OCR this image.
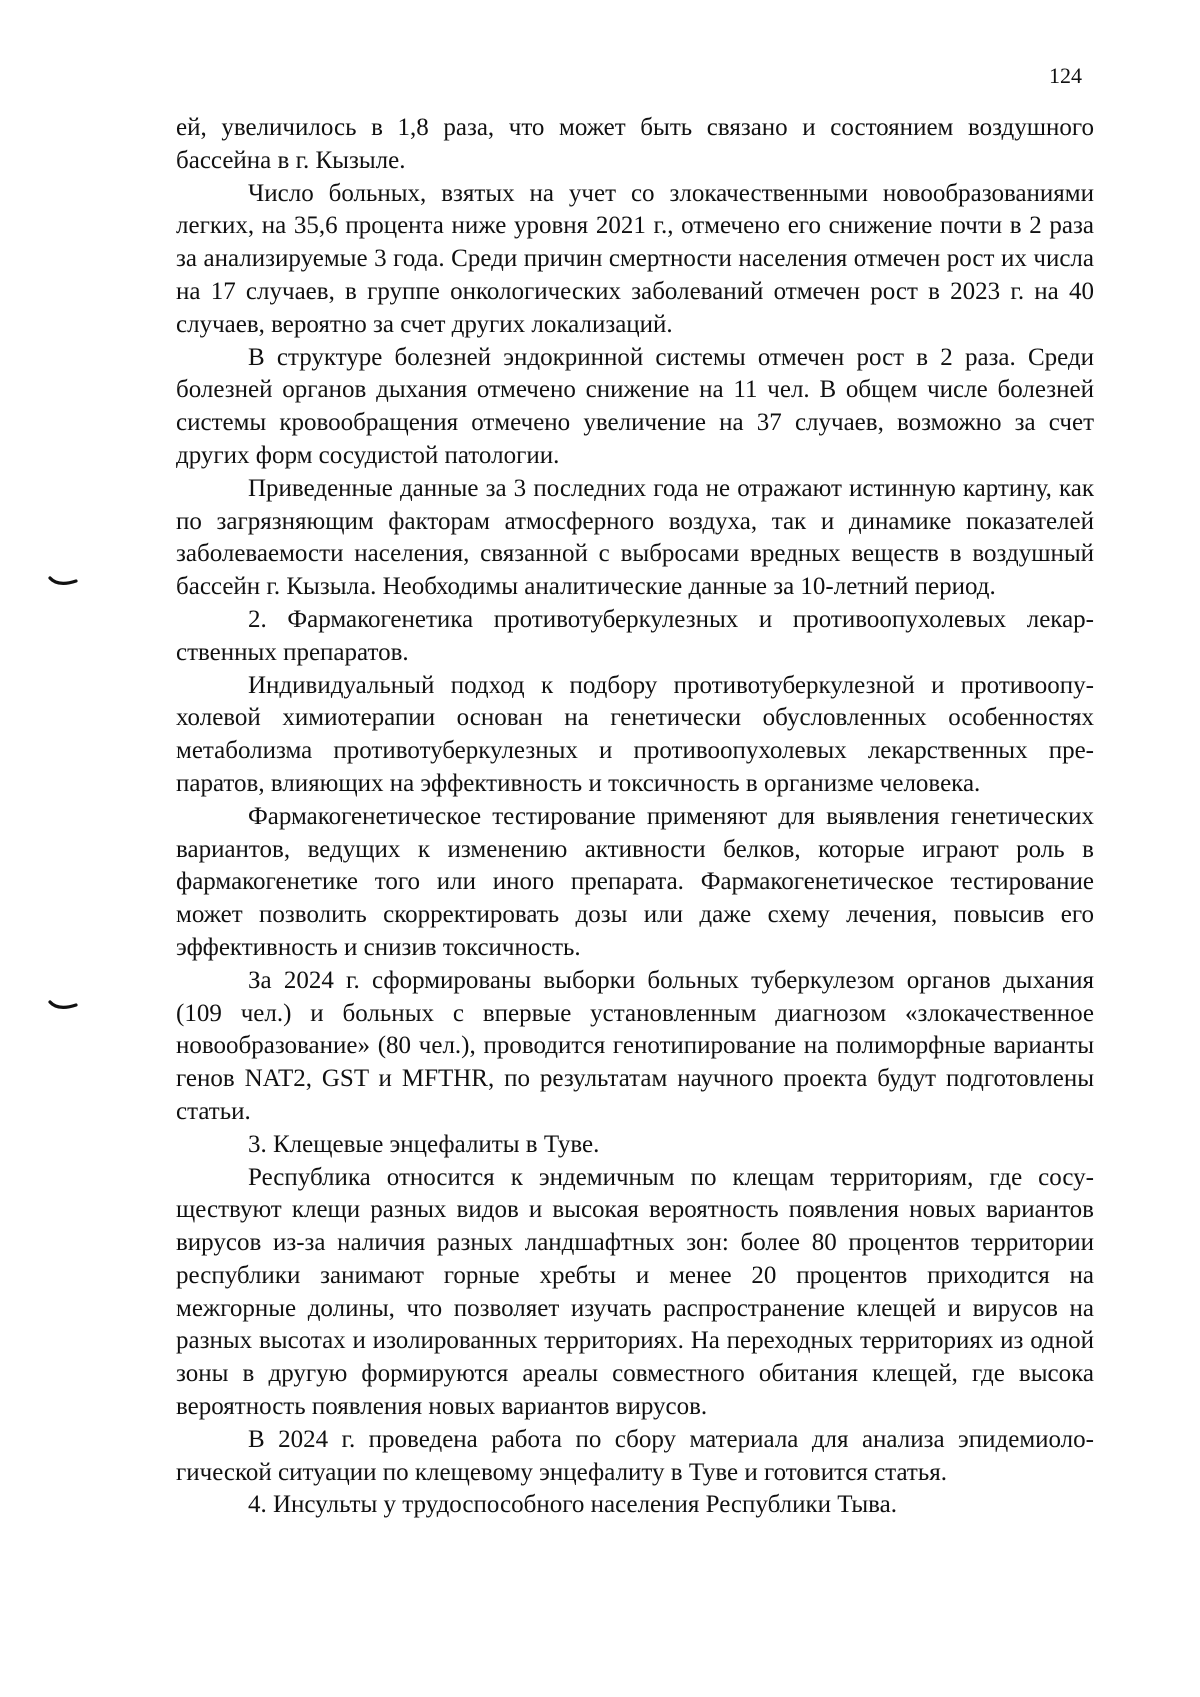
124

ей, увеличилось в 1,8 раза, что может быть связано и состоянием воздушного бассейна в г. Кызыле.

Число больных, взятых на учет со злокачественными новообразованиями легких, на 35,6 процента ниже уровня 2021 г., отмечено его снижение почти в 2 раза за анализируемые 3 года. Среди причин смертности населения отмечен рост их числа на 17 случаев, в группе онкологических заболеваний отмечен рост в 2023 г. на 40 случаев, вероятно за счет других локализаций.

В структуре болезней эндокринной системы отмечен рост в 2 раза. Среди болезней органов дыхания отмечено снижение на 11 чел. В общем числе болезней системы кровообращения отмечено увеличение на 37 случаев, возможно за счет других форм сосудистой патологии.

Приведенные данные за 3 последних года не отражают истинную картину, как по загрязняющим факторам атмосферного воздуха, так и динамике показателей заболеваемости населения, связанной с выбросами вредных веществ в воздушный бассейн г. Кызыла. Необходимы аналитические данные за 10-летний период.

2. Фармакогенетика противотуберкулезных и противоопухолевых лекарственных препаратов.

Индивидуальный подход к подбору противотуберкулезной и противоопухолевой химиотерапии основан на генетически обусловленных особенностях метаболизма противотуберкулезных и противоопухолевых лекарственных препаратов, влияющих на эффективность и токсичность в организме человека.

Фармакогенетическое тестирование применяют для выявления генетических вариантов, ведущих к изменению активности белков, которые играют роль в фармакогенетике того или иного препарата. Фармакогенетическое тестирование может позволить скорректировать дозы или даже схему лечения, повысив его эффективность и снизив токсичность.

За 2024 г. сформированы выборки больных туберкулезом органов дыхания (109 чел.) и больных с впервые установленным диагнозом «злокачественное новообразование» (80 чел.), проводится генотипирование на полиморфные варианты генов NAT2, GST и MFTHR, по результатам научного проекта будут подготовлены статьи.

3. Клещевые энцефалиты в Туве.

Республика относится к эндемичным по клещам территориям, где сосуществуют клещи разных видов и высокая вероятность появления новых вариантов вирусов из-за наличия разных ландшафтных зон: более 80 процентов территории республики занимают горные хребты и менее 20 процентов приходится на межгорные долины, что позволяет изучать распространение клещей и вирусов на разных высотах и изолированных территориях. На переходных территориях из одной зоны в другую формируются ареалы совместного обитания клещей, где высока вероятность появления новых вариантов вирусов.

В 2024 г. проведена работа по сбору материала для анализа эпидемиологической ситуации по клещевому энцефалиту в Туве и готовится статья.

4. Инсульты у трудоспособного населения Республики Тыва.
